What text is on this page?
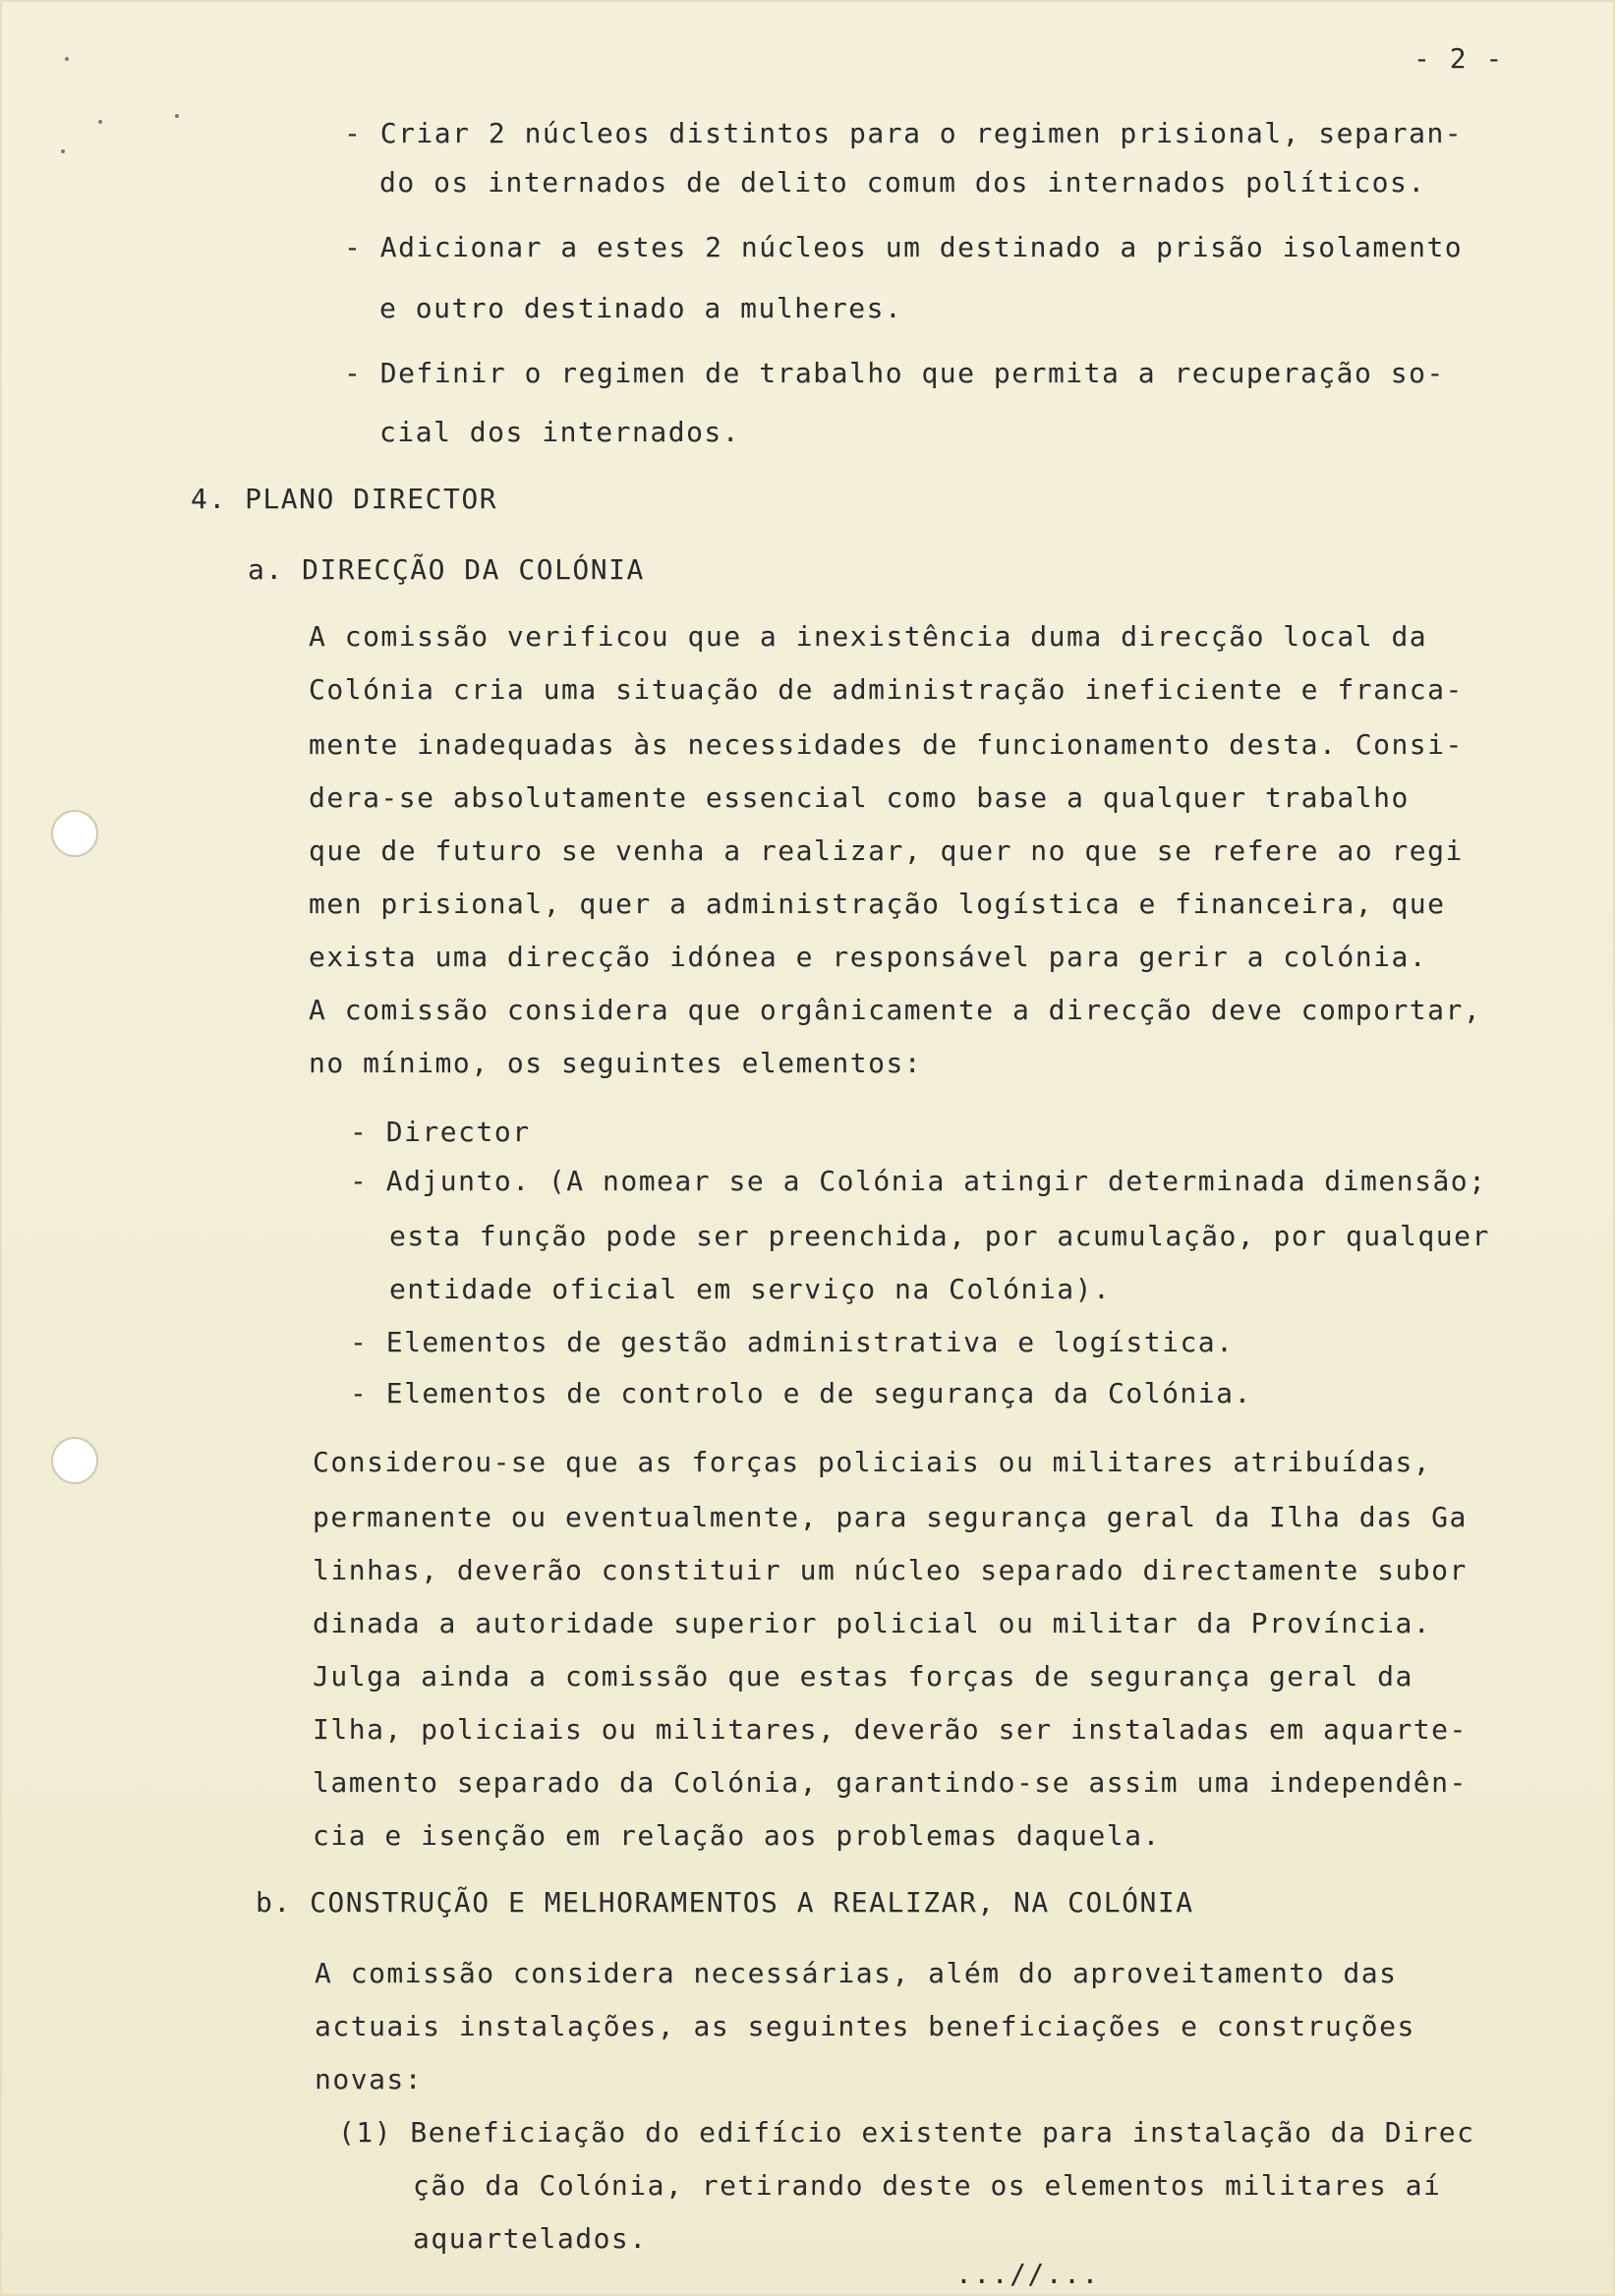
- 2 -
- Criar 2 núcleos distintos para o regimen prisional, separan-
do os internados de delito comum dos internados políticos.
- Adicionar a estes 2 núcleos um destinado a prisão isolamento
e outro destinado a mulheres.
- Definir o regimen de trabalho que permita a recuperação so-
cial dos internados.
4. PLANO DIRECTOR
a. DIRECÇÃO DA COLÓNIA
A comissão verificou que a inexistência duma direcção local da
Colónia cria uma situação de administração ineficiente e franca-
mente inadequadas às necessidades de funcionamento desta. Consi-
dera-se absolutamente essencial como base a qualquer trabalho
que de futuro se venha a realizar, quer no que se refere ao regi
men prisional, quer a administração logística e financeira, que
exista uma direcção idónea e responsável para gerir a colónia.
A comissão considera que orgânicamente a direcção deve comportar,
no mínimo, os seguintes elementos:
- Director
- Adjunto. (A nomear se a Colónia atingir determinada dimensão;
esta função pode ser preenchida, por acumulação, por qualquer
entidade oficial em serviço na Colónia).
- Elementos de gestão administrativa e logística.
- Elementos de controlo e de segurança da Colónia.
Considerou-se que as forças policiais ou militares atribuídas,
permanente ou eventualmente, para segurança geral da Ilha das Ga
linhas, deverão constituir um núcleo separado directamente subor
dinada a autoridade superior policial ou militar da Província.
Julga ainda a comissão que estas forças de segurança geral da
Ilha, policiais ou militares, deverão ser instaladas em aquarte-
lamento separado da Colónia, garantindo-se assim uma independên-
cia e isenção em relação aos problemas daquela.
b. CONSTRUÇÃO E MELHORAMENTOS A REALIZAR, NA COLÓNIA
A comissão considera necessárias, além do aproveitamento das
actuais instalações, as seguintes beneficiações e construções
novas:
(1) Beneficiação do edifício existente para instalação da Direc
ção da Colónia, retirando deste os elementos militares aí
aquartelados.
...//...
